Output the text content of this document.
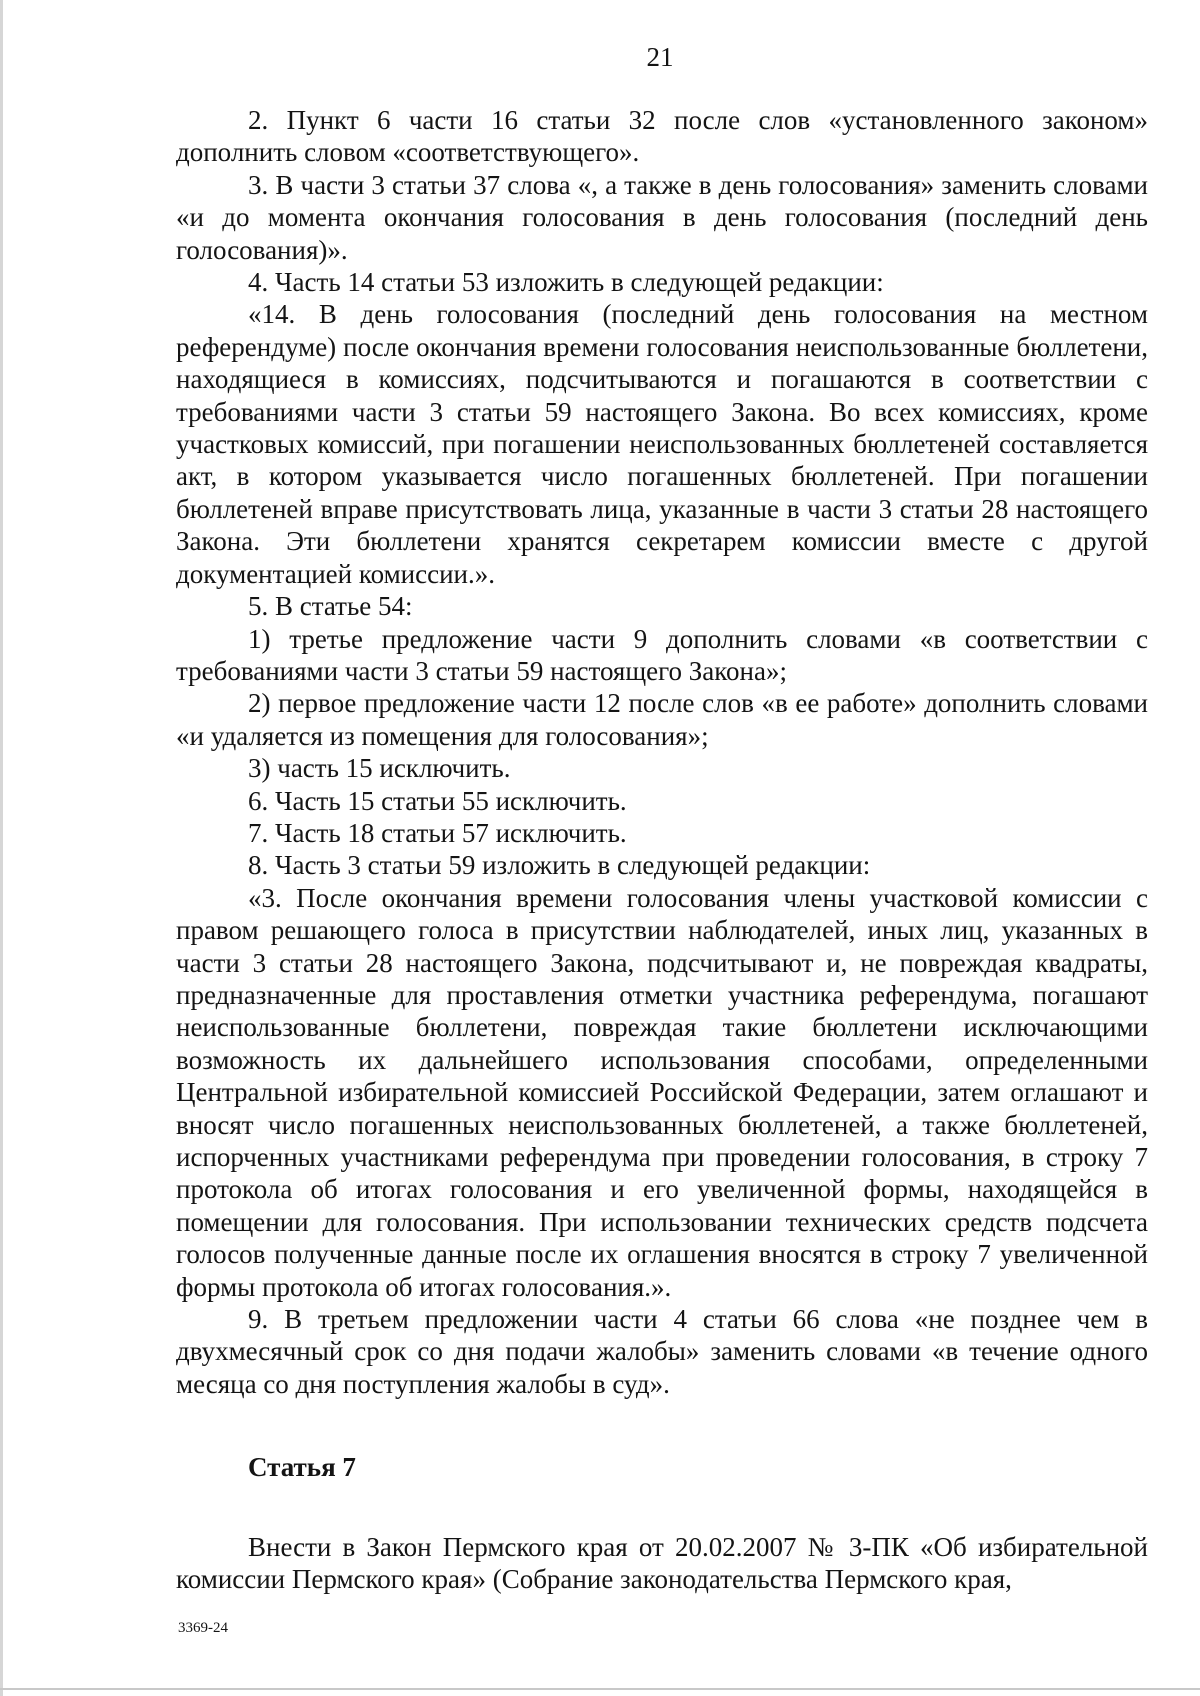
21

2. Пункт 6 части 16 статьи 32 после слов «установленного законом» дополнить словом «соответствующего».

3. В части 3 статьи 37 слова «, а также в день голосования» заменить словами «и до момента окончания голосования в день голосования (последний день голосования)».

4. Часть 14 статьи 53 изложить в следующей редакции:

«14. В день голосования (последний день голосования на местном референдуме) после окончания времени голосования неиспользованные бюллетени, находящиеся в комиссиях, подсчитываются и погашаются в соответствии с требованиями части 3 статьи 59 настоящего Закона. Во всех комиссиях, кроме участковых комиссий, при погашении неиспользованных бюллетеней составляется акт, в котором указывается число погашенных бюллетеней. При погашении бюллетеней вправе присутствовать лица, указанные в части 3 статьи 28 настоящего Закона. Эти бюллетени хранятся секретарем комиссии вместе с другой документацией комиссии.».

5. В статье 54:

1) третье предложение части 9 дополнить словами «в соответствии с требованиями части 3 статьи 59 настоящего Закона»;

2) первое предложение части 12 после слов «в ее работе» дополнить словами «и удаляется из помещения для голосования»;

3) часть 15 исключить.

6. Часть 15 статьи 55 исключить.

7. Часть 18 статьи 57 исключить.

8. Часть 3 статьи 59 изложить в следующей редакции:

«3. После окончания времени голосования члены участковой комиссии с правом решающего голоса в присутствии наблюдателей, иных лиц, указанных в части 3 статьи 28 настоящего Закона, подсчитывают и, не повреждая квадраты, предназначенные для проставления отметки участника референдума, погашают неиспользованные бюллетени, повреждая такие бюллетени исключающими возможность их дальнейшего использования способами, определенными Центральной избирательной комиссией Российской Федерации, затем оглашают и вносят число погашенных неиспользованных бюллетеней, а также бюллетеней, испорченных участниками референдума при проведении голосования, в строку 7 протокола об итогах голосования и его увеличенной формы, находящейся в помещении для голосования. При использовании технических средств подсчета голосов полученные данные после их оглашения вносятся в строку 7 увеличенной формы протокола об итогах голосования.».

9. В третьем предложении части 4 статьи 66 слова «не позднее чем в двухмесячный срок со дня подачи жалобы» заменить словами «в течение одного месяца со дня поступления жалобы в суд».

Статья 7

Внести в Закон Пермского края от 20.02.2007 № 3-ПК «Об избирательной комиссии Пермского края» (Собрание законодательства Пермского края,

3369-24
